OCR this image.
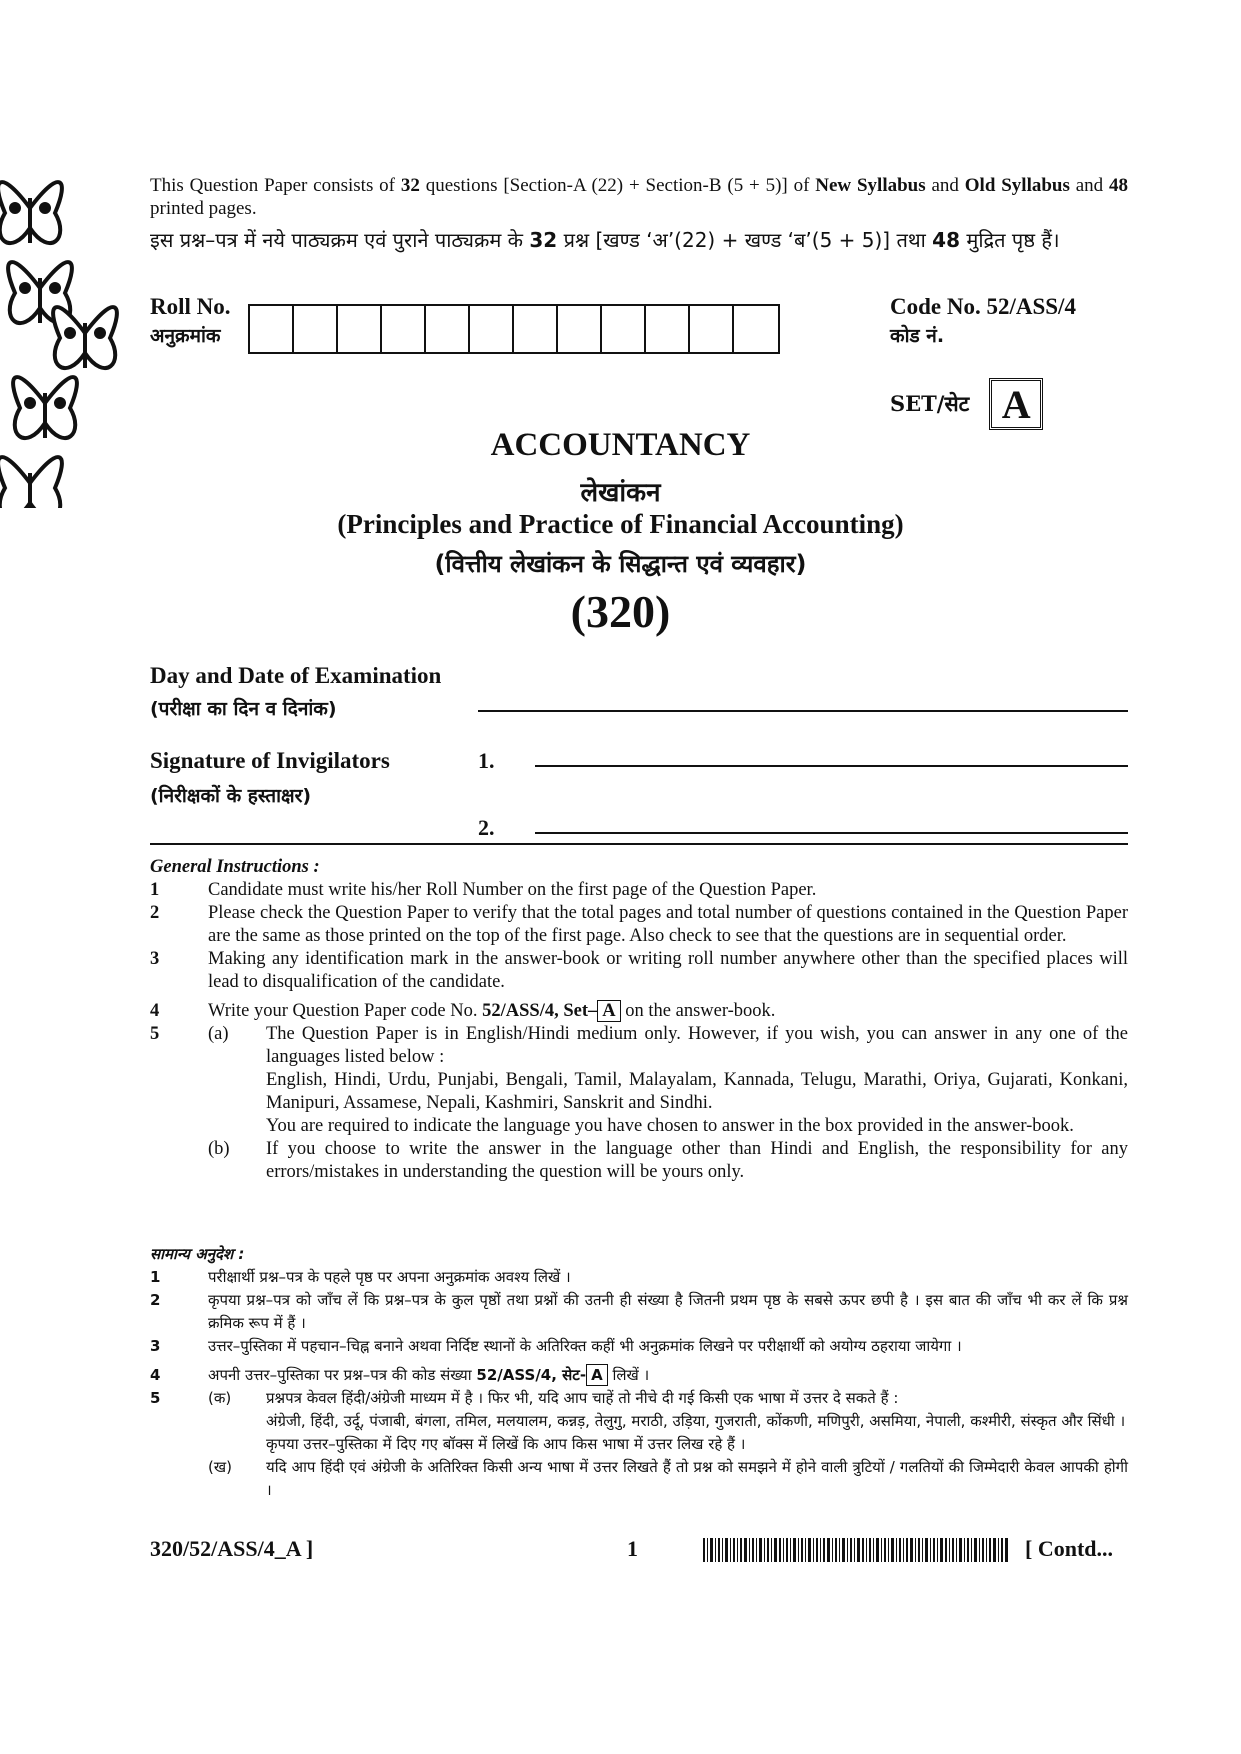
This Question Paper consists of 32 questions [Section-A (22) + Section-B (5 + 5)] of New Syllabus and Old Syllabus and 48 printed pages.
इस प्रश्न–पत्र में नये पाठ्यक्रम एवं पुराने पाठ्यक्रम के 32 प्रश्न [खण्ड ‘अ’(22) + खण्ड ‘ब’(5 + 5)] तथा 48 मुद्रित पृष्ठ हैं।
Roll No.
अनुक्रमांक
Code No. 52/ASS/4
कोड नं.
SET/सेट A
ACCOUNTANCY
लेखांकन
(Principles and Practice of Financial Accounting)
(वित्तीय लेखांकन के सिद्धान्त एवं व्यवहार)
(320)
Day and Date of Examination
(परीक्षा का दिन व दिनांक)
Signature of Invigilators
(निरीक्षकों के हस्ताक्षर)
1.
2.
General Instructions :
1	Candidate must write his/her Roll Number on the first page of the Question Paper.
2	Please check the Question Paper to verify that the total pages and total number of questions contained in the Question Paper are the same as those printed on the top of the first page. Also check to see that the questions are in sequential order.
3	Making any identification mark in the answer-book or writing roll number anywhere other than the specified places will lead to disqualification of the candidate.
4	Write your Question Paper code No. 52/ASS/4, Set– A on the answer-book.
5	(a)	The Question Paper is in English/Hindi medium only. However, if you wish, you can answer in any one of the languages listed below :
English, Hindi, Urdu, Punjabi, Bengali, Tamil, Malayalam, Kannada, Telugu, Marathi, Oriya, Gujarati, Konkani, Manipuri, Assamese, Nepali, Kashmiri, Sanskrit and Sindhi.
You are required to indicate the language you have chosen to answer in the box provided in the answer-book.
(b)	If you choose to write the answer in the language other than Hindi and English, the responsibility for any errors/mistakes in understanding the question will be yours only.
सामान्य अनुदेश :
1	परीक्षार्थी प्रश्न–पत्र के पहले पृष्ठ पर अपना अनुक्रमांक अवश्य लिखें ।
2	कृपया प्रश्न–पत्र को जाँच लें कि प्रश्न–पत्र के कुल पृष्ठों तथा प्रश्नों की उतनी ही संख्या है जितनी प्रथम पृष्ठ के सबसे ऊपर छपी है । इस बात की जाँच भी कर लें कि प्रश्न क्रमिक रूप में हैं ।
3	उत्तर–पुस्तिका में पहचान–चिह्न बनाने अथवा निर्दिष्ट स्थानों के अतिरिक्त कहीं भी अनुक्रमांक लिखने पर परीक्षार्थी को अयोग्य ठहराया जायेगा ।
4	अपनी उत्तर–पुस्तिका पर प्रश्न–पत्र की कोड संख्या 52/ASS/4, सेट- A लिखें ।
5	(क)	प्रश्नपत्र केवल हिंदी/अंग्रेजी माध्यम में है । फिर भी, यदि आप चाहें तो नीचे दी गई किसी एक भाषा में उत्तर दे सकते हैं :
अंग्रेजी, हिंदी, उर्दू, पंजाबी, बंगला, तमिल, मलयालम, कन्नड़, तेलुगु, मराठी, उड़िया, गुजराती, कोंकणी, मणिपुरी, असमिया, नेपाली, कश्मीरी, संस्कृत और सिंधी ।
कृपया उत्तर–पुस्तिका में दिए गए बॉक्स में लिखें कि आप किस भाषा में उत्तर लिख रहे हैं ।
(ख)	यदि आप हिंदी एवं अंग्रेजी के अतिरिक्त किसी अन्य भाषा में उत्तर लिखते हैं तो प्रश्न को समझने में होने वाली त्रुटियों / गलतियों की जिम्मेदारी केवल आपकी होगी ।
320/52/ASS/4_A ]	1	[ Contd...
